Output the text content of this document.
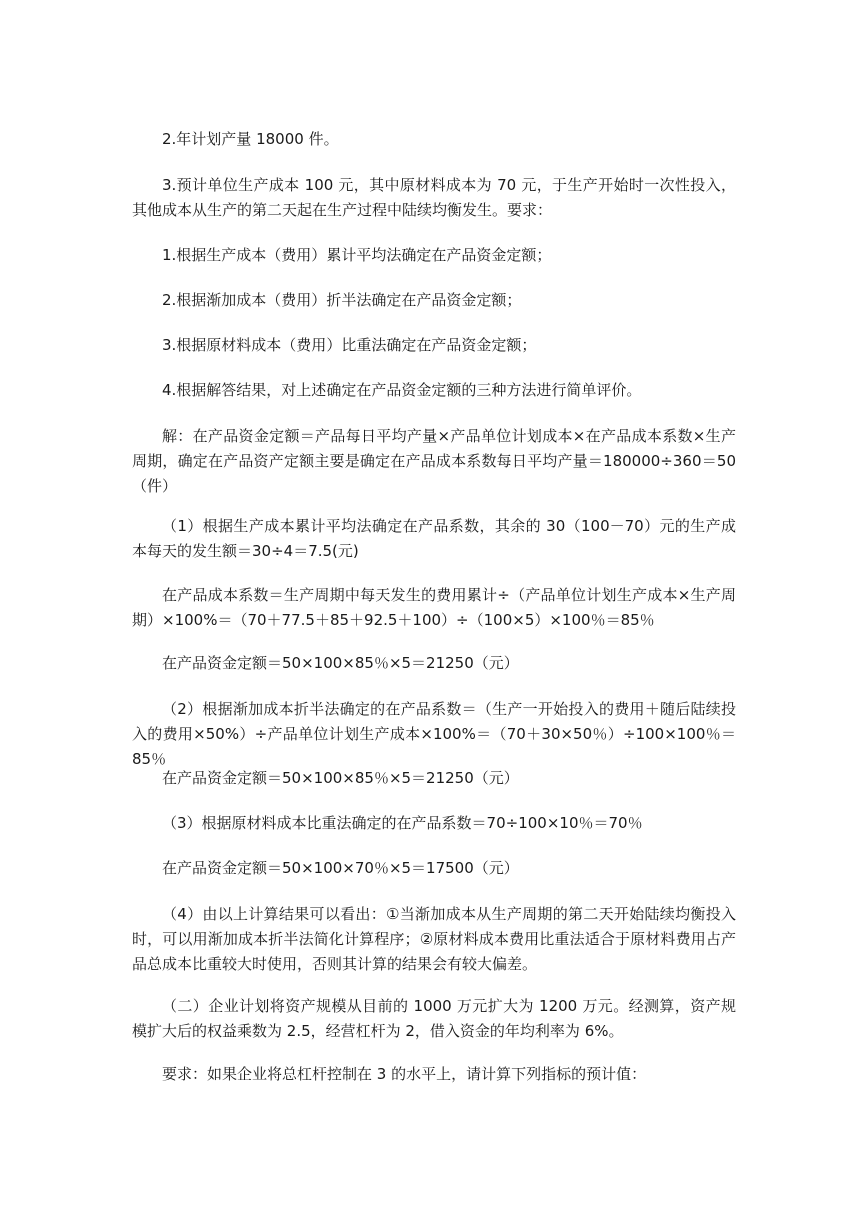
2.年计划产量 18000 件。

3.预计单位生产成本 100 元，其中原材料成本为 70 元，于生产开始时一次性投入，其他成本从生产的第二天起在生产过程中陆续均衡发生。要求：

1.根据生产成本（费用）累计平均法确定在产品资金定额；

2.根据渐加成本（费用）折半法确定在产品资金定额；

3.根据原材料成本（费用）比重法确定在产品资金定额；

4.根据解答结果，对上述确定在产品资金定额的三种方法进行简单评价。

解：在产品资金定额＝产品每日平均产量×产品单位计划成本×在产品成本系数×生产周期，确定在产品资产定额主要是确定在产品成本系数每日平均产量＝180000÷360＝50（件）

（1）根据生产成本累计平均法确定在产品系数，其余的 30（100－70）元的生产成本每天的发生额＝30÷4＝7.5(元)

在产品成本系数＝生产周期中每天发生的费用累计÷（产品单位计划生产成本×生产周期）×100%＝（70＋77.5＋85＋92.5＋100）÷（100×5）×100％＝85％

在产品资金定额＝50×100×85％×5＝21250（元）

（2）根据渐加成本折半法确定的在产品系数＝（生产一开始投入的费用＋随后陆续投入的费用×50%）÷产品单位计划生产成本×100%＝（70＋30×50％）÷100×100％＝85％

在产品资金定额＝50×100×85％×5＝21250（元）

（3）根据原材料成本比重法确定的在产品系数＝70÷100×10％＝70％

在产品资金定额＝50×100×70％×5＝17500（元）

（4）由以上计算结果可以看出：①当渐加成本从生产周期的第二天开始陆续均衡投入时，可以用渐加成本折半法简化计算程序；②原材料成本费用比重法适合于原材料费用占产品总成本比重较大时使用，否则其计算的结果会有较大偏差。

（二）企业计划将资产规模从目前的 1000 万元扩大为 1200 万元。经测算，资产规模扩大后的权益乘数为 2.5，经营杠杆为 2，借入资金的年均利率为 6%。

要求：如果企业将总杠杆控制在 3 的水平上，请计算下列指标的预计值：
